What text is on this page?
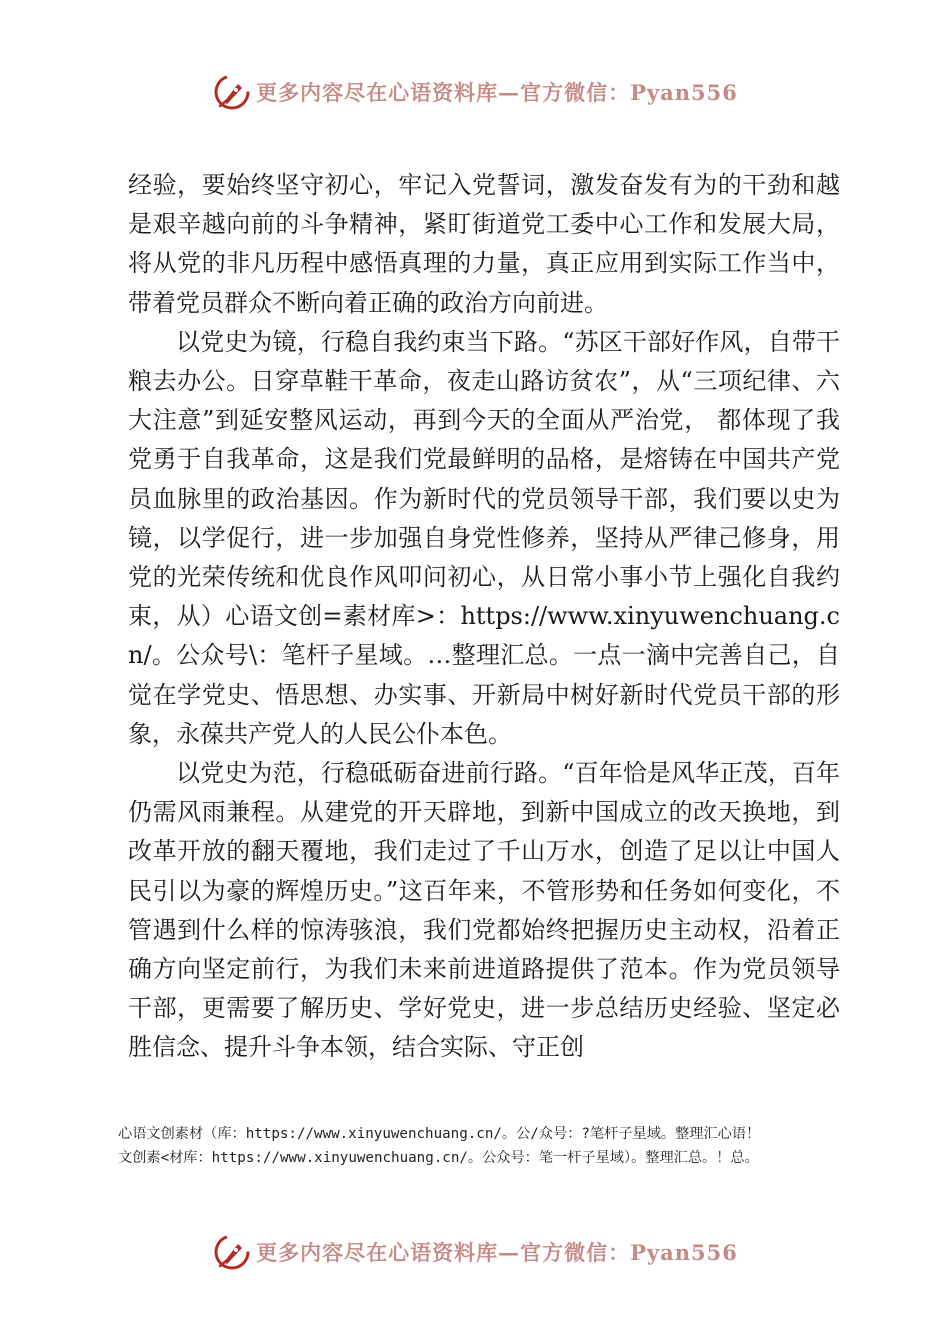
更多内容尽在心语资料库—官方微信：Pyan556

经验，要始终坚守初心，牢记入党誓词，激发奋发有为的干劲和越是艰辛越向前的斗争精神，紧盯街道党工委中心工作和发展大局，将从党的非凡历程中感悟真理的力量，真正应用到实际工作当中，带着党员群众不断向着正确的政治方向前进。

以党史为镜，行稳自我约束当下路。“苏区干部好作风，自带干粮去办公。日穿草鞋干革命，夜走山路访贫农”，从“三项纪律、六大注意”到延安整风运动，再到今天的全面从严治党， 都体现了我党勇于自我革命，这是我们党最鲜明的品格，是熔铸在中国共产党员血脉里的政治基因。作为新时代的党员领导干部，我们要以史为镜，以学促行，进一步加强自身党性修养，坚持从严律己修身，用党的光荣传统和优良作风叩问初心，从日常小事小节上强化自我约束，从）心语文创=素材库>：https://www.xinyuwenchuang.cn/。公众号\：笔杆子星域。…整理汇总。一点一滴中完善自己，自觉在学党史、悟思想、办实事、开新局中树好新时代党员干部的形象，永葆共产党人的人民公仆本色。

以党史为范，行稳砥砺奋进前行路。“百年恰是风华正茂，百年仍需风雨兼程。从建党的开天辟地，到新中国成立的改天换地，到改革开放的翻天覆地，我们走过了千山万水，创造了足以让中国人民引以为豪的辉煌历史。”这百年来，不管形势和任务如何变化，不管遇到什么样的惊涛骇浪，我们党都始终把握历史主动权，沿着正确方向坚定前行，为我们未来前进道路提供了范本。作为党员领导干部，更需要了解历史、学好党史，进一步总结历史经验、坚定必胜信念、提升斗争本领，结合实际、守正创

心语文创素材（库：https://www.xinyuwenchuang.cn/。公/众号：?笔杆子星域。整理汇心语！

文创素<材库：https://www.xinyuwenchuang.cn/。公众号：笔一杆子星域）。整理汇总。！总。

更多内容尽在心语资料库—官方微信：Pyan556
